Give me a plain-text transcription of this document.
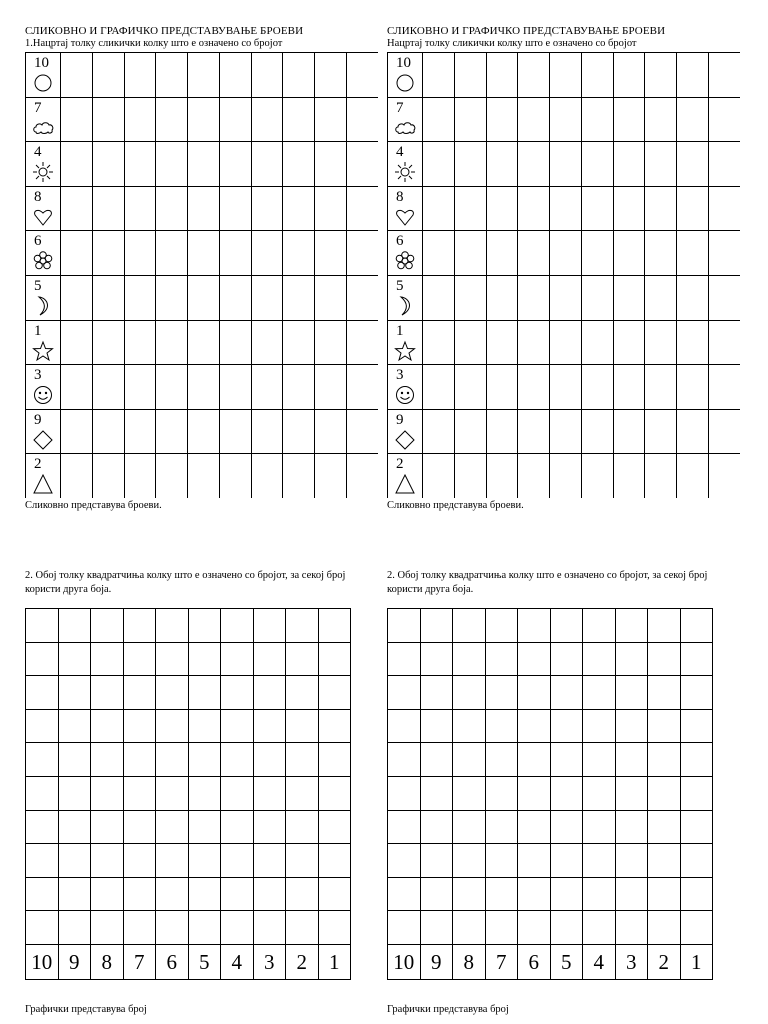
СЛИКОВНО И ГРАФИЧКО ПРЕДСТАВУВАЊЕ БРОЕВИ
1.Нацртај толку сликички колку што е означено со бројот
10										

7										

4										

8										

6										

5										

1										

3										

9										

2										

Сликовно представува броеви.
2. Обој толку квадратчиња колку што е означено со бројот, за секој број користи друга боја.

10	9	8	7	6	5	4	3	2	1
Графички представува број
СЛИКОВНО И ГРАФИЧКО ПРЕДСТАВУВАЊЕ БРОЕВИ
Нацртај толку сликички колку што е означено со бројот
10										

7										

4										

8										

6										

5										

1										

3										

9										

2										

Сликовно представува броеви.
2. Обој толку квадратчиња колку што е означено со бројот, за секој број користи друга боја.

10	9	8	7	6	5	4	3	2	1
Графички представува број
